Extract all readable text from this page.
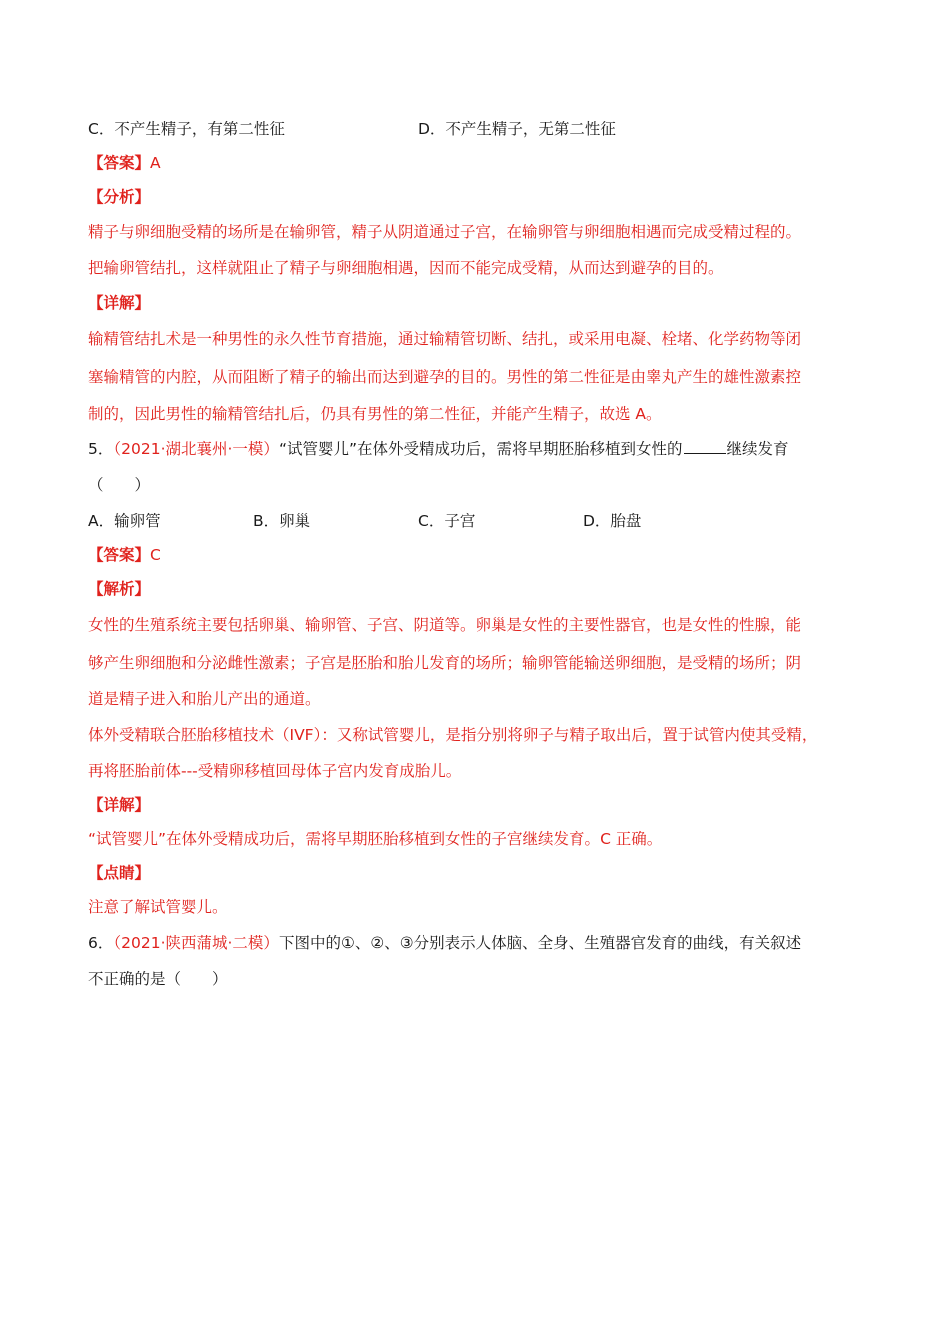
C．不产生精子，有第二性征	D．不产生精子，无第二性征
【答案】A
【分析】
精子与卵细胞受精的场所是在输卵管，精子从阴道通过子宫，在输卵管与卵细胞相遇而完成受精过程的。
把输卵管结扎，这样就阻止了精子与卵细胞相遇，因而不能完成受精，从而达到避孕的目的。
【详解】
输精管结扎术是一种男性的永久性节育措施，通过输精管切断、结扎，或采用电凝、栓堵、化学药物等闭
塞输精管的内腔，从而阻断了精子的输出而达到避孕的目的。男性的第二性征是由睾丸产生的雄性激素控
制的，因此男性的输精管结扎后，仍具有男性的第二性征，并能产生精子，故选 A。
5．（2021·湖北襄州·一模）“试管婴儿”在体外受精成功后，需将早期胚胎移植到女性的	继续发育
（　　）
A．输卵管	B．卵巢	C．子宫	D．胎盘
【答案】C
【解析】
女性的生殖系统主要包括卵巢、输卵管、子宫、阴道等。卵巢是女性的主要性器官，也是女性的性腺，能
够产生卵细胞和分泌雌性激素；子宫是胚胎和胎儿发育的场所；输卵管能输送卵细胞，是受精的场所；阴
道是精子进入和胎儿产出的通道。
体外受精联合胚胎移植技术（IVF）：又称试管婴儿，是指分别将卵子与精子取出后，置于试管内使其受精，
再将胚胎前体---受精卵移植回母体子宫内发育成胎儿。
【详解】
“试管婴儿”在体外受精成功后，需将早期胚胎移植到女性的子宫继续发育。C 正确。
【点睛】
注意了解试管婴儿。
6．（2021·陕西蒲城·二模）下图中的①、②、③分别表示人体脑、全身、生殖器官发育的曲线，有关叙述
不正确的是（　　）
